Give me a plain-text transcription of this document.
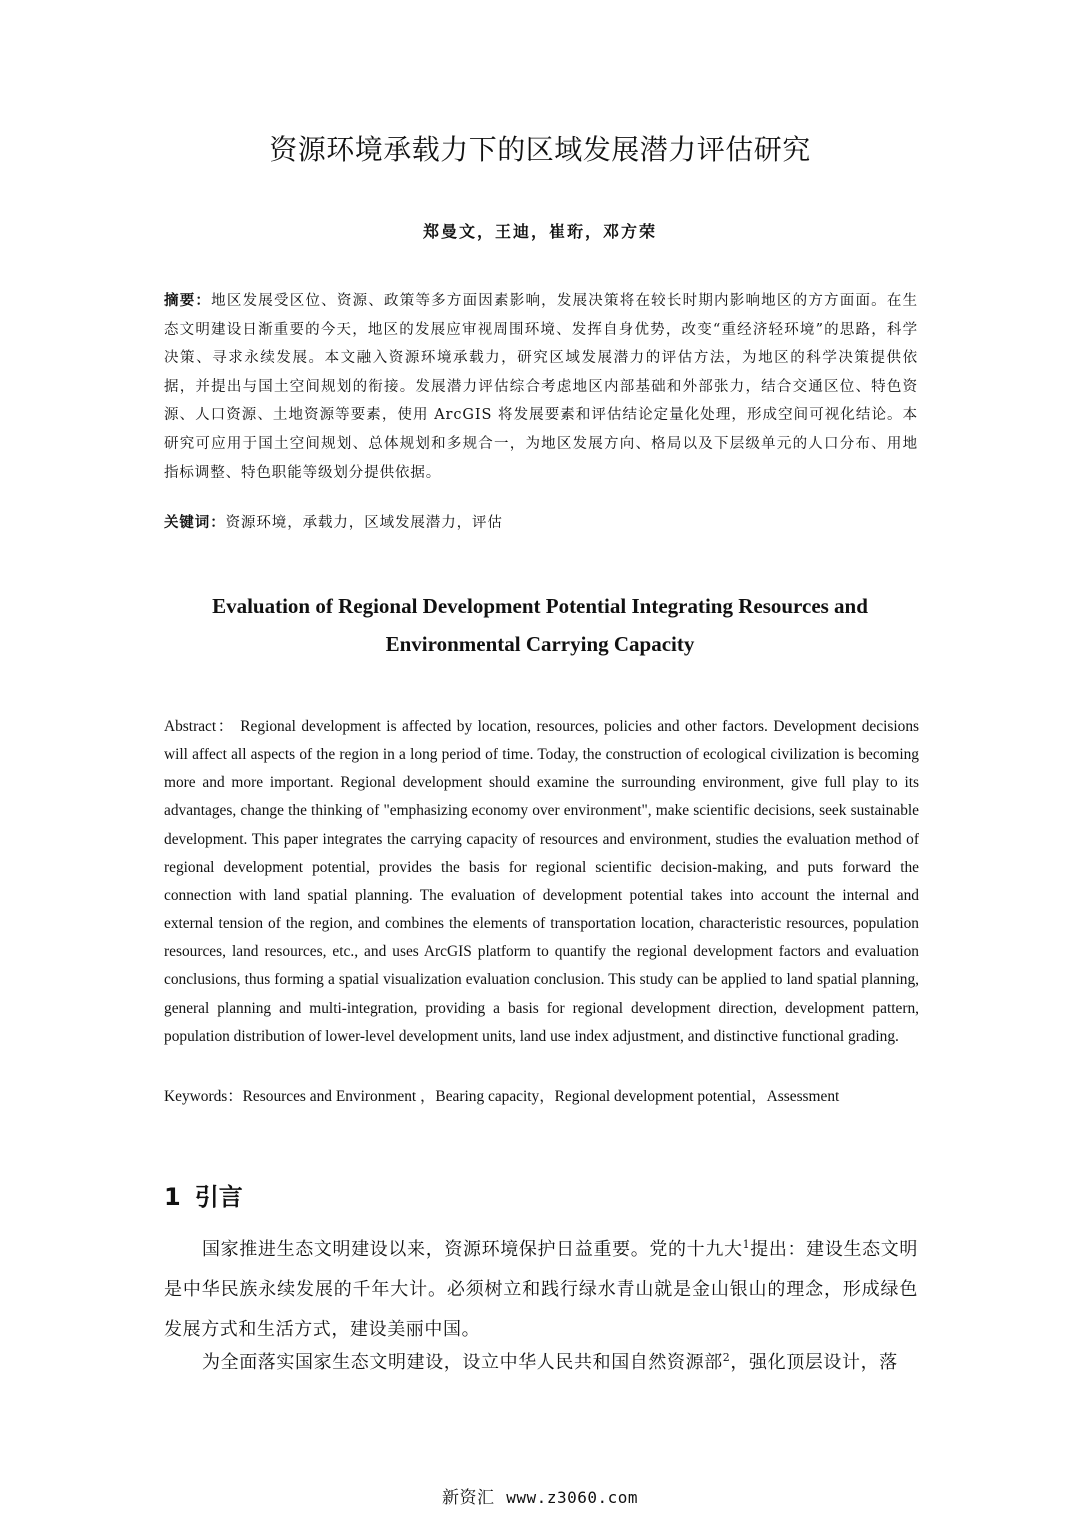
资源环境承载力下的区域发展潜力评估研究
郑曼文，王迪，崔珩，邓方荣

摘要：地区发展受区位、资源、政策等多方面因素影响，发展决策将在较长时期内影响地区的方方面面。在生态文明建设日渐重要的今天，地区的发展应审视周围环境、发挥自身优势，改变“重经济轻环境”的思路，科学决策、寻求永续发展。本文融入资源环境承载力，研究区域发展潜力的评估方法，为地区的科学决策提供依据，并提出与国土空间规划的衔接。发展潜力评估综合考虑地区内部基础和外部张力，结合交通区位、特色资源、人口资源、土地资源等要素，使用 ArcGIS 将发展要素和评估结论定量化处理，形成空间可视化结论。本研究可应用于国土空间规划、总体规划和多规合一，为地区发展方向、格局以及下层级单元的人口分布、用地指标调整、特色职能等级划分提供依据。

关键词：资源环境，承载力，区域发展潜力，评估

Evaluation of Regional Development Potential Integrating Resources and Environmental Carrying Capacity

Abstract： Regional development is affected by location, resources, policies and other factors. Development decisions will affect all aspects of the region in a long period of time. Today, the construction of ecological civilization is becoming more and more important. Regional development should examine the surrounding environment, give full play to its advantages, change the thinking of "emphasizing economy over environment", make scientific decisions, seek sustainable development. This paper integrates the carrying capacity of resources and environment, studies the evaluation method of regional development potential, provides the basis for regional scientific decision-making, and puts forward the connection with land spatial planning. The evaluation of development potential takes into account the internal and external tension of the region, and combines the elements of transportation location, characteristic resources, population resources, land resources, etc., and uses ArcGIS platform to quantify the regional development factors and evaluation conclusions, thus forming a spatial visualization evaluation conclusion. This study can be applied to land spatial planning, general planning and multi-integration, providing a basis for regional development direction, development pattern, population distribution of lower-level development units, land use index adjustment, and distinctive functional grading.

Keywords：Resources and Environment ，Bearing capacity，Regional development potential，Assessment

1 引言

国家推进生态文明建设以来，资源环境保护日益重要。党的十九大$^1$提出：建设生态文明是中华民族永续发展的千年大计。必须树立和践行绿水青山就是金山银山的理念，形成绿色发展方式和生活方式，建设美丽中国。

为全面落实国家生态文明建设，设立中华人民共和国自然资源部$^2$，强化顶层设计，落

新资汇 www.z3060.com
